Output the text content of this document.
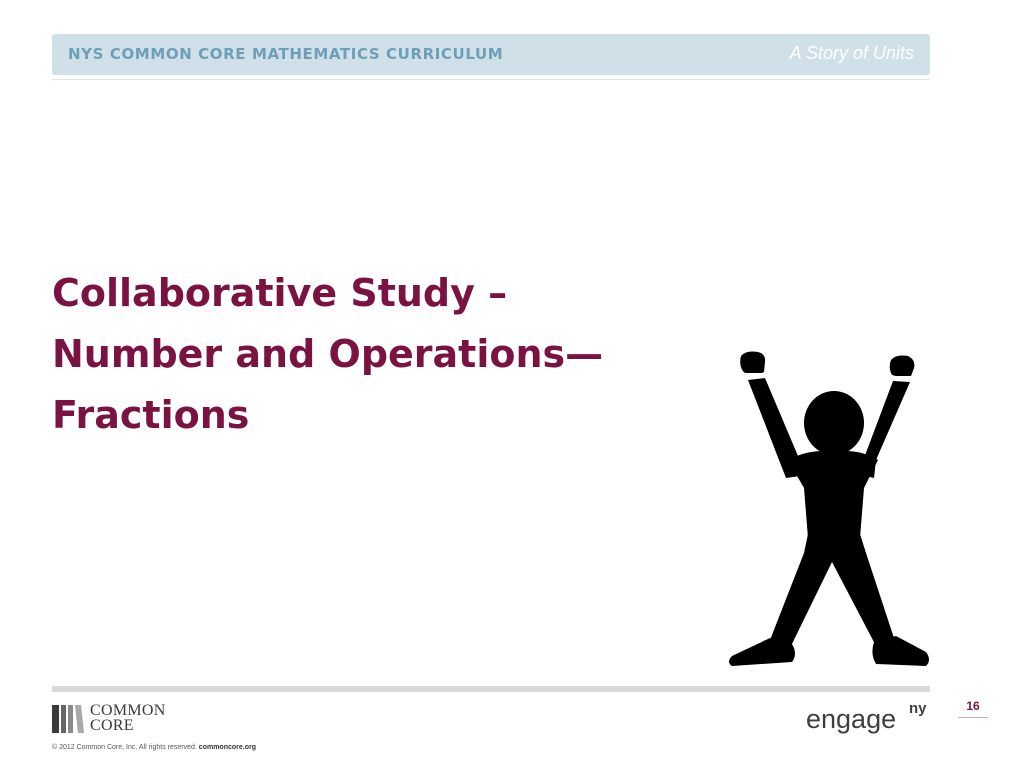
NYS COMMON CORE MATHEMATICS CURRICULUM	A Story of Units
Collaborative Study –
Number and Operations—
Fractions
COMMON
CORE
© 2012 Common Core, Inc. All rights reserved. commoncore.org
engage ny	16
